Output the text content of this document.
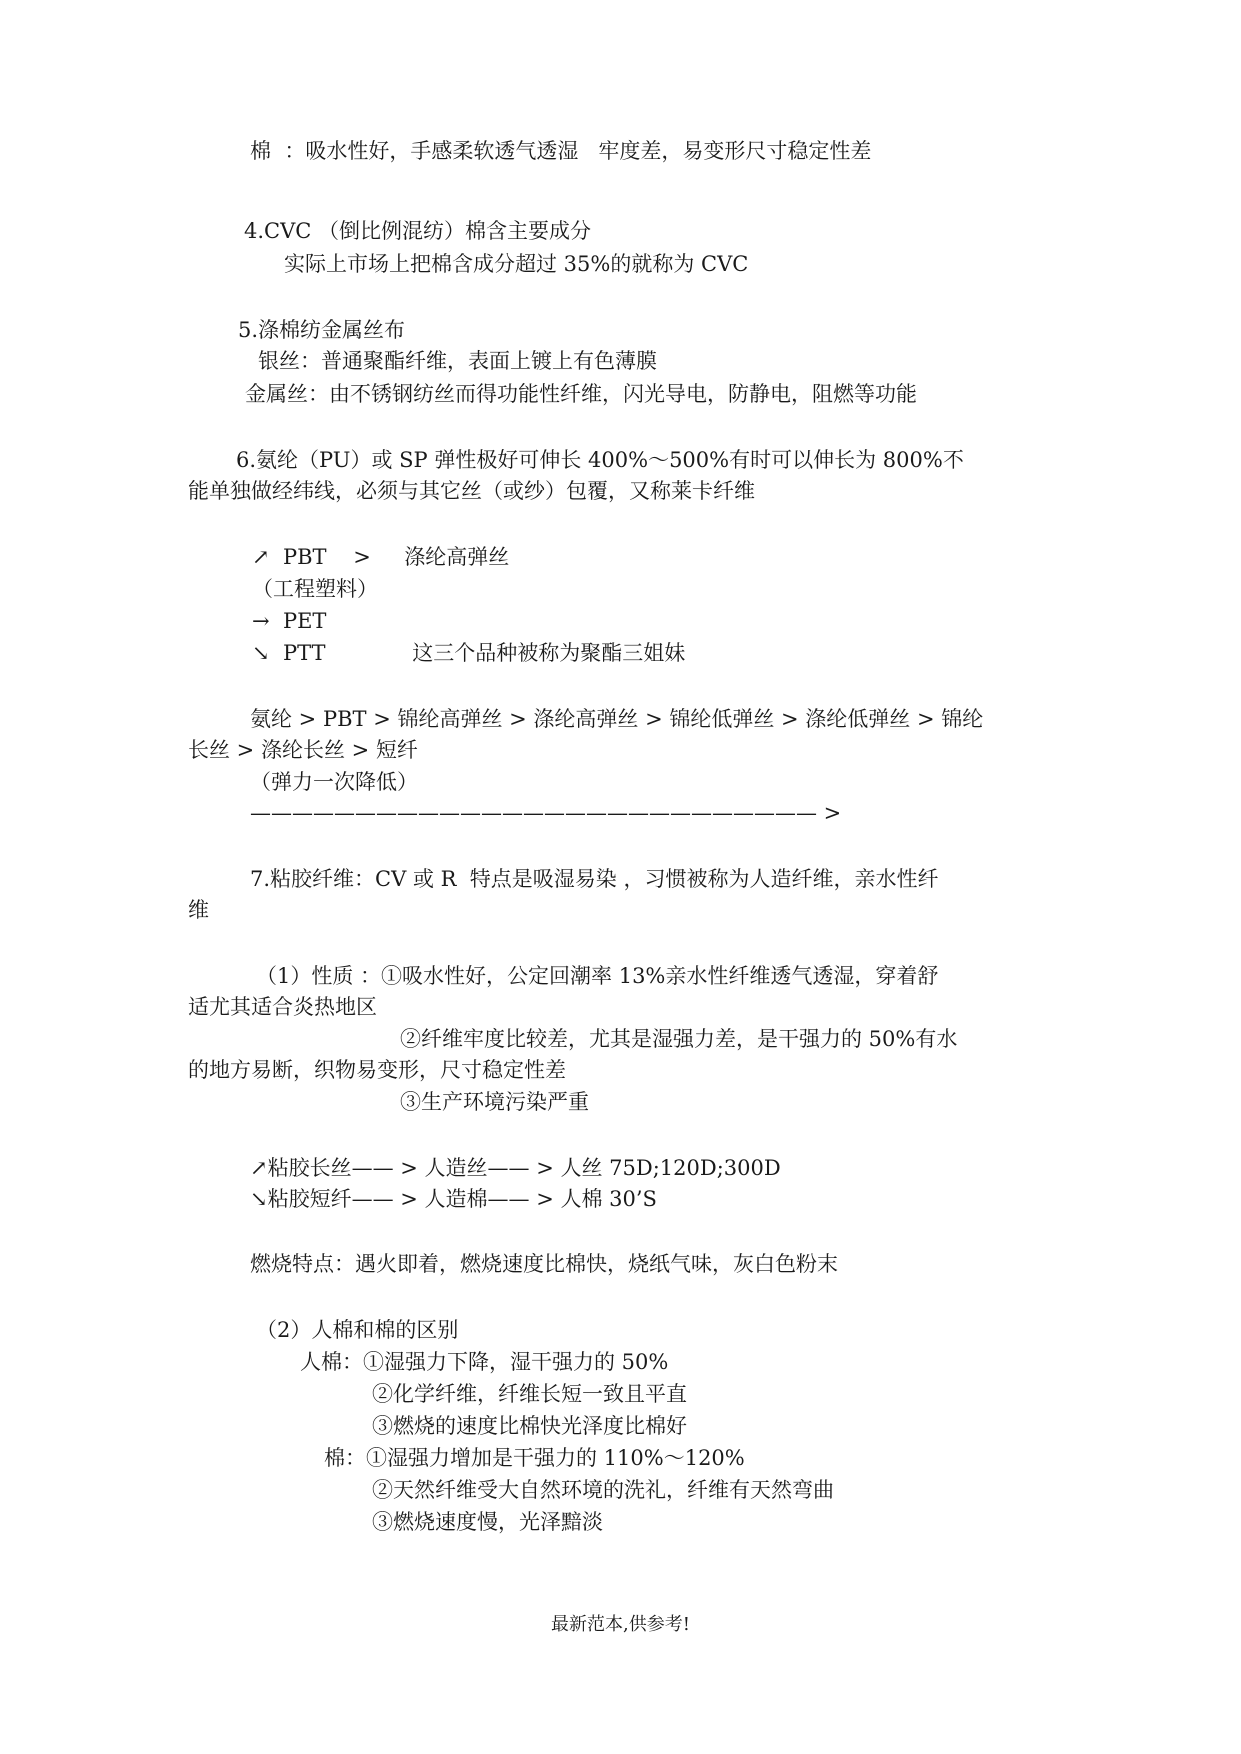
棉  ：吸水性好，手感柔软透气透湿   牢度差，易变形尺寸稳定性差

4.CVC （倒比例混纺）棉含主要成分

实际上市场上把棉含成分超过 35%的就称为 CVC

5.涤棉纺金属丝布

银丝：普通聚酯纤维，表面上镀上有色薄膜

金属丝：由不锈钢纺丝而得功能性纤维，闪光导电，防静电，阻燃等功能

6.氨纶（PU）或 SP 弹性极好可伸长 400%～500%有时可以伸长为 800%不

能单独做经纬线，必须与其它丝（或纱）包覆，又称莱卡纤维

↗  PBT    >     涤纶高弹丝

（工程塑料）

→  PET

↘  PTT             这三个品种被称为聚酯三姐妹

氨纶 > PBT > 锦纶高弹丝 > 涤纶高弹丝 > 锦纶低弹丝 > 涤纶低弹丝 > 锦纶

长丝 > 涤纶长丝 > 短纤

（弹力一次降低）

——————————————————————————— >

7.粘胶纤维：CV 或 R  特点是吸湿易染 ，习惯被称为人造纤维，亲水性纤

维

（1）性质 ：①吸水性好，公定回潮率 13%亲水性纤维透气透湿，穿着舒

适尤其适合炎热地区

②纤维牢度比较差，尤其是湿强力差，是干强力的 50%有水

的地方易断，织物易变形，尺寸稳定性差

③生产环境污染严重

↗粘胶长丝—— > 人造丝—— > 人丝 75D;120D;300D

↘粘胶短纤—— > 人造棉—— > 人棉 30’S

燃烧特点：遇火即着，燃烧速度比棉快，烧纸气味，灰白色粉末

（2）人棉和棉的区别

人棉：①湿强力下降，湿干强力的 50%

②化学纤维，纤维长短一致且平直

③燃烧的速度比棉快光泽度比棉好

棉：①湿强力增加是干强力的 110%～120%

②天然纤维受大自然环境的洗礼，纤维有天然弯曲

③燃烧速度慢，光泽黯淡

最新范本,供参考!
